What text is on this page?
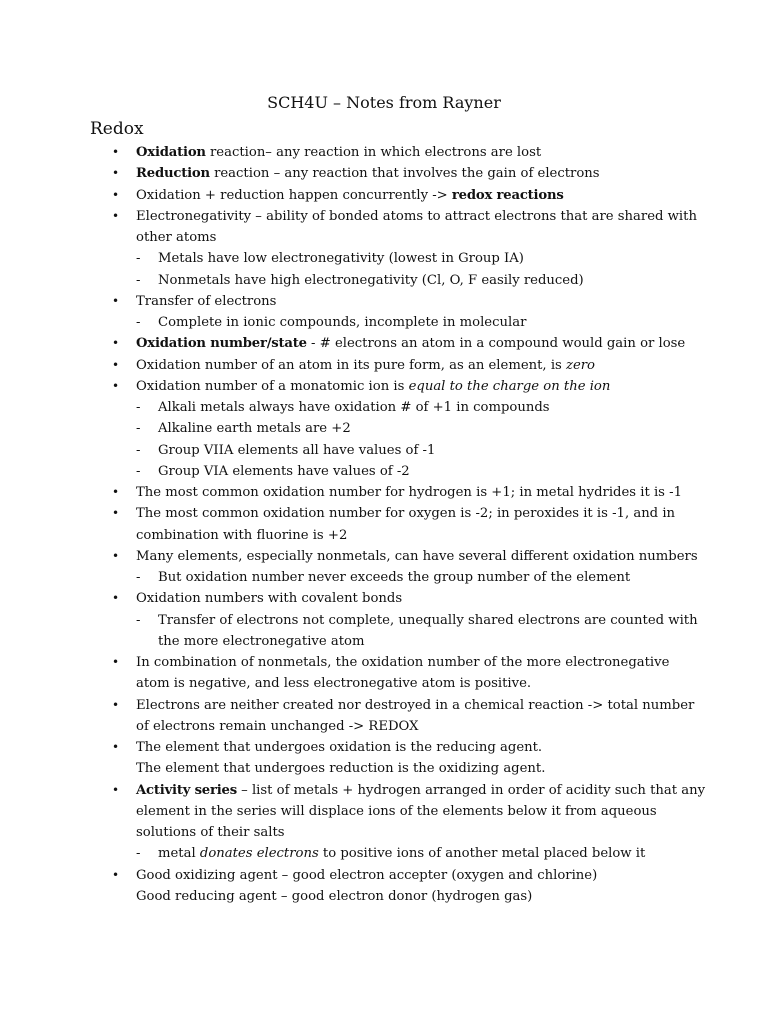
SCH4U – Notes from Rayner
Redox
• Oxidation reaction– any reaction in which electrons are lost
• Reduction reaction – any reaction that involves the gain of electrons
• Oxidation + reduction happen concurrently -> redox reactions
• Electronegativity – ability of bonded atoms to attract electrons that are shared with
other atoms
- Metals have low electronegativity (lowest in Group IA)
- Nonmetals have high electronegativity (Cl, O, F easily reduced)
• Transfer of electrons
- Complete in ionic compounds, incomplete in molecular
• Oxidation number/state - # electrons an atom in a compound would gain or lose
• Oxidation number of an atom in its pure form, as an element, is zero
• Oxidation number of a monatomic ion is equal to the charge on the ion
- Alkali metals always have oxidation # of +1 in compounds
- Alkaline earth metals are +2
- Group VIIA elements all have values of -1
- Group VIA elements have values of -2
• The most common oxidation number for hydrogen is +1; in metal hydrides it is -1
• The most common oxidation number for oxygen is -2; in peroxides it is -1, and in
combination with fluorine is +2
• Many elements, especially nonmetals, can have several different oxidation numbers
- But oxidation number never exceeds the group number of the element
• Oxidation numbers with covalent bonds
- Transfer of electrons not complete, unequally shared electrons are counted with
the more electronegative atom
• In combination of nonmetals, the oxidation number of the more electronegative
atom is negative, and less electronegative atom is positive.
• Electrons are neither created nor destroyed in a chemical reaction -> total number
of electrons remain unchanged -> REDOX
• The element that undergoes oxidation is the reducing agent.
The element that undergoes reduction is the oxidizing agent.
• Activity series – list of metals + hydrogen arranged in order of acidity such that any
element in the series will displace ions of the elements below it from aqueous
solutions of their salts
- metal donates electrons to positive ions of another metal placed below it
• Good oxidizing agent – good electron accepter (oxygen and chlorine)
Good reducing agent – good electron donor (hydrogen gas)
